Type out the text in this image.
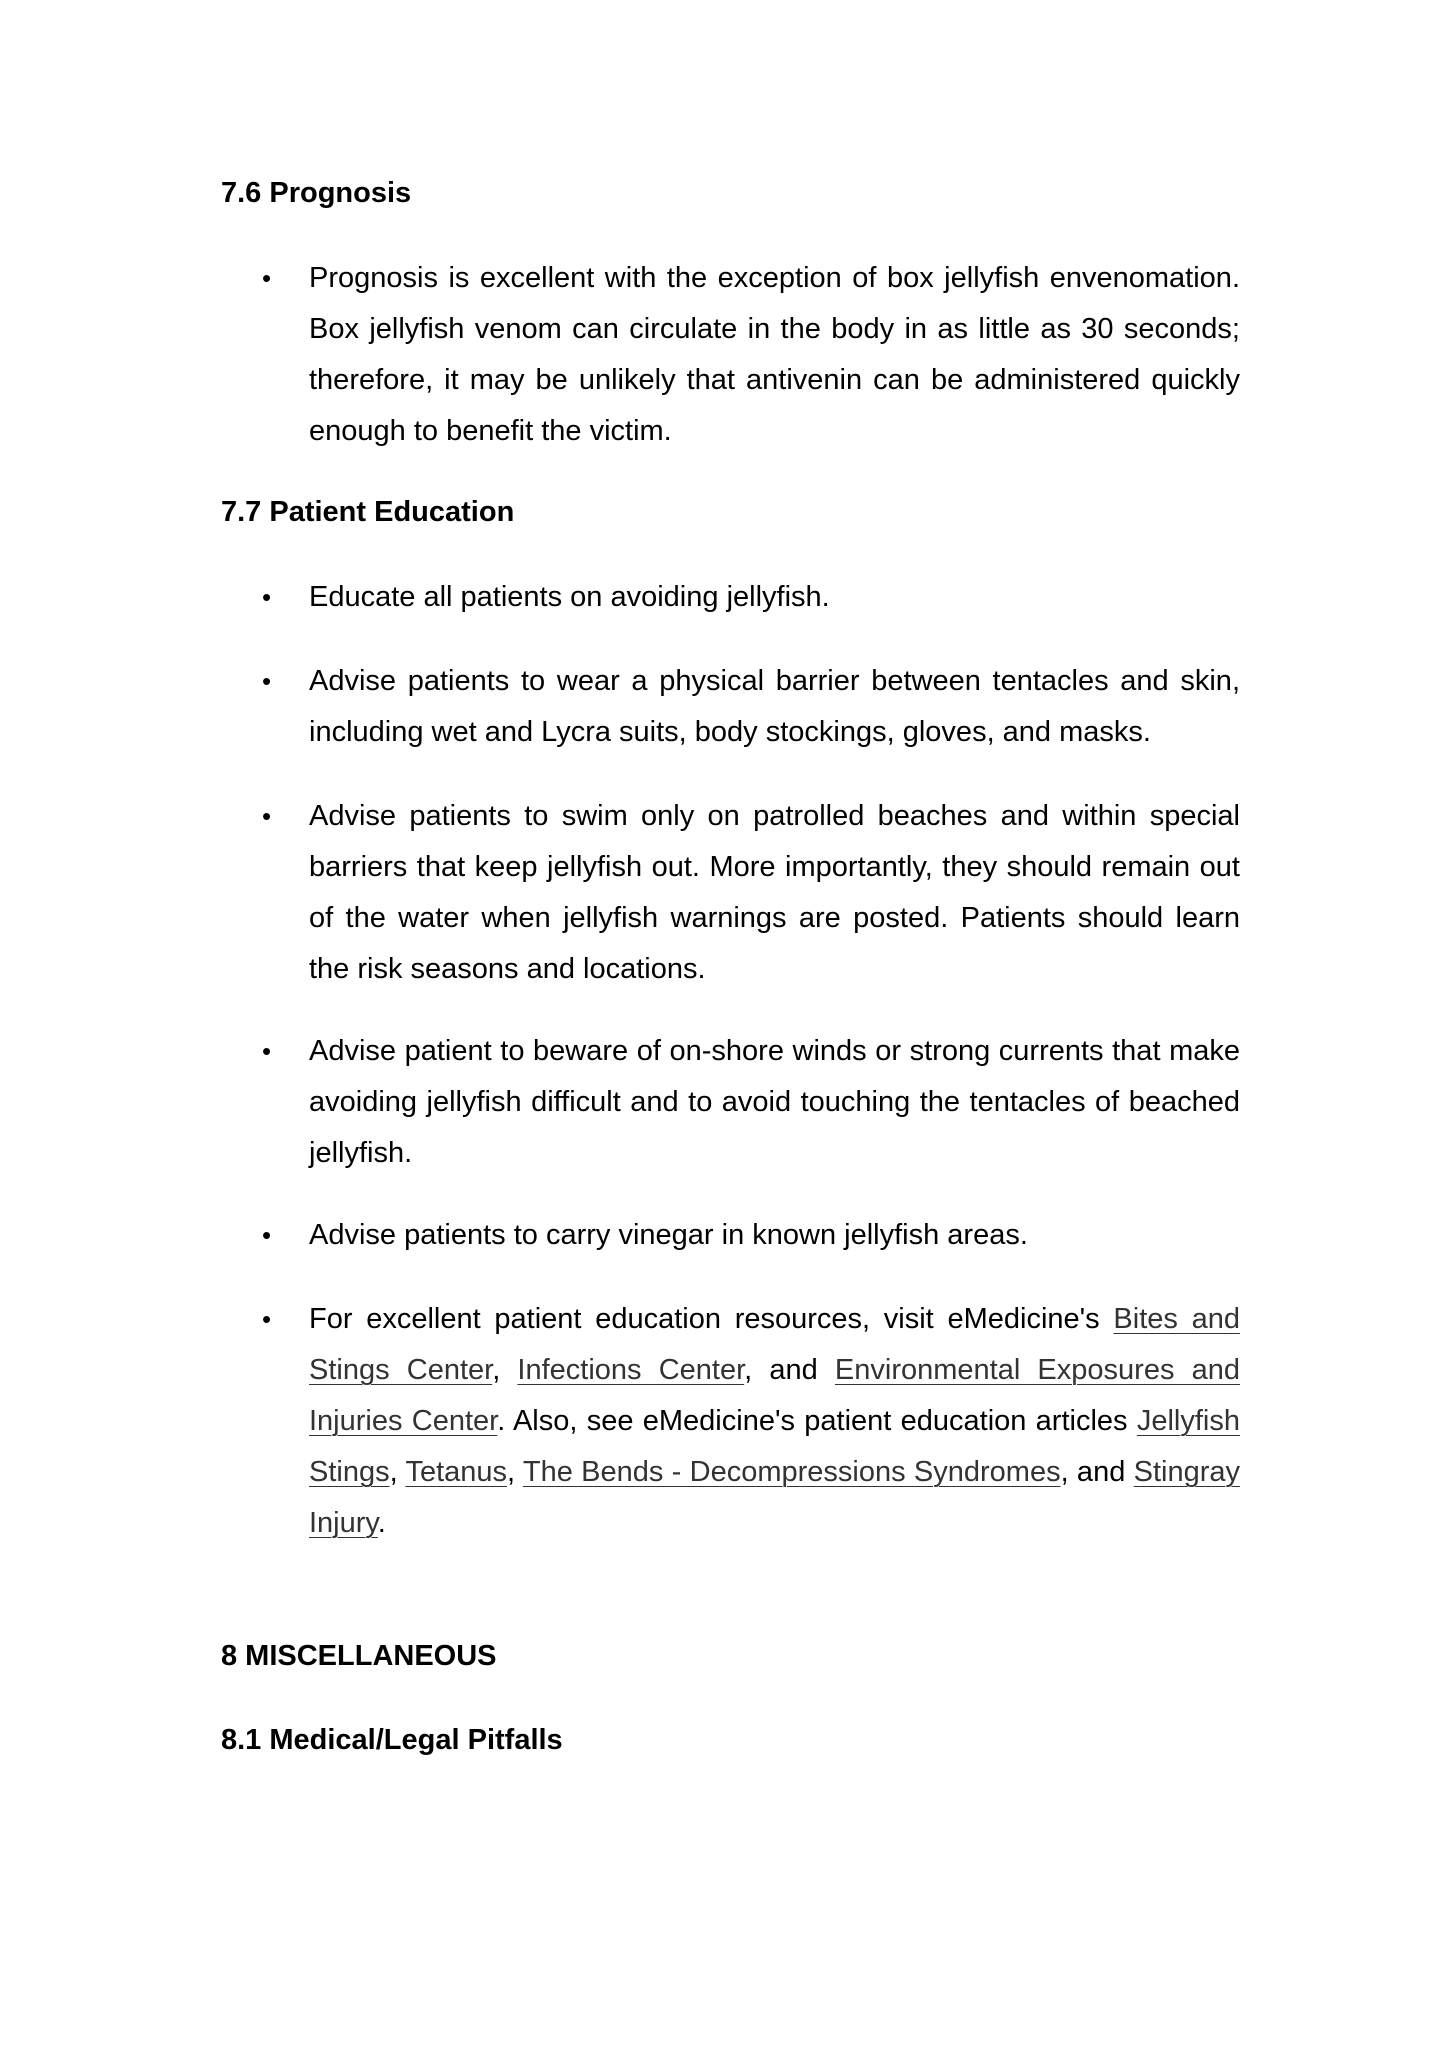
7.6 Prognosis
• Prognosis is excellent with the exception of box jellyfish envenomation. Box jellyfish venom can circulate in the body in as little as 30 seconds; therefore, it may be unlikely that antivenin can be administered quickly enough to benefit the victim.

7.7 Patient Education
• Educate all patients on avoiding jellyfish.

• Advise patients to wear a physical barrier between tentacles and skin, including wet and Lycra suits, body stockings, gloves, and masks.

• Advise patients to swim only on patrolled beaches and within special barriers that keep jellyfish out. More importantly, they should remain out of the water when jellyfish warnings are posted. Patients should learn the risk seasons and locations.

• Advise patient to beware of on-shore winds or strong currents that make avoiding jellyfish difficult and to avoid touching the tentacles of beached jellyfish.

• Advise patients to carry vinegar in known jellyfish areas.

• For excellent patient education resources, visit eMedicine's Bites and Stings Center, Infections Center, and Environmental Exposures and Injuries Center. Also, see eMedicine's patient education articles Jellyfish Stings, Tetanus, The Bends - Decompressions Syndromes, and Stingray Injury.

8 MISCELLANEOUS
8.1 Medical/Legal Pitfalls
